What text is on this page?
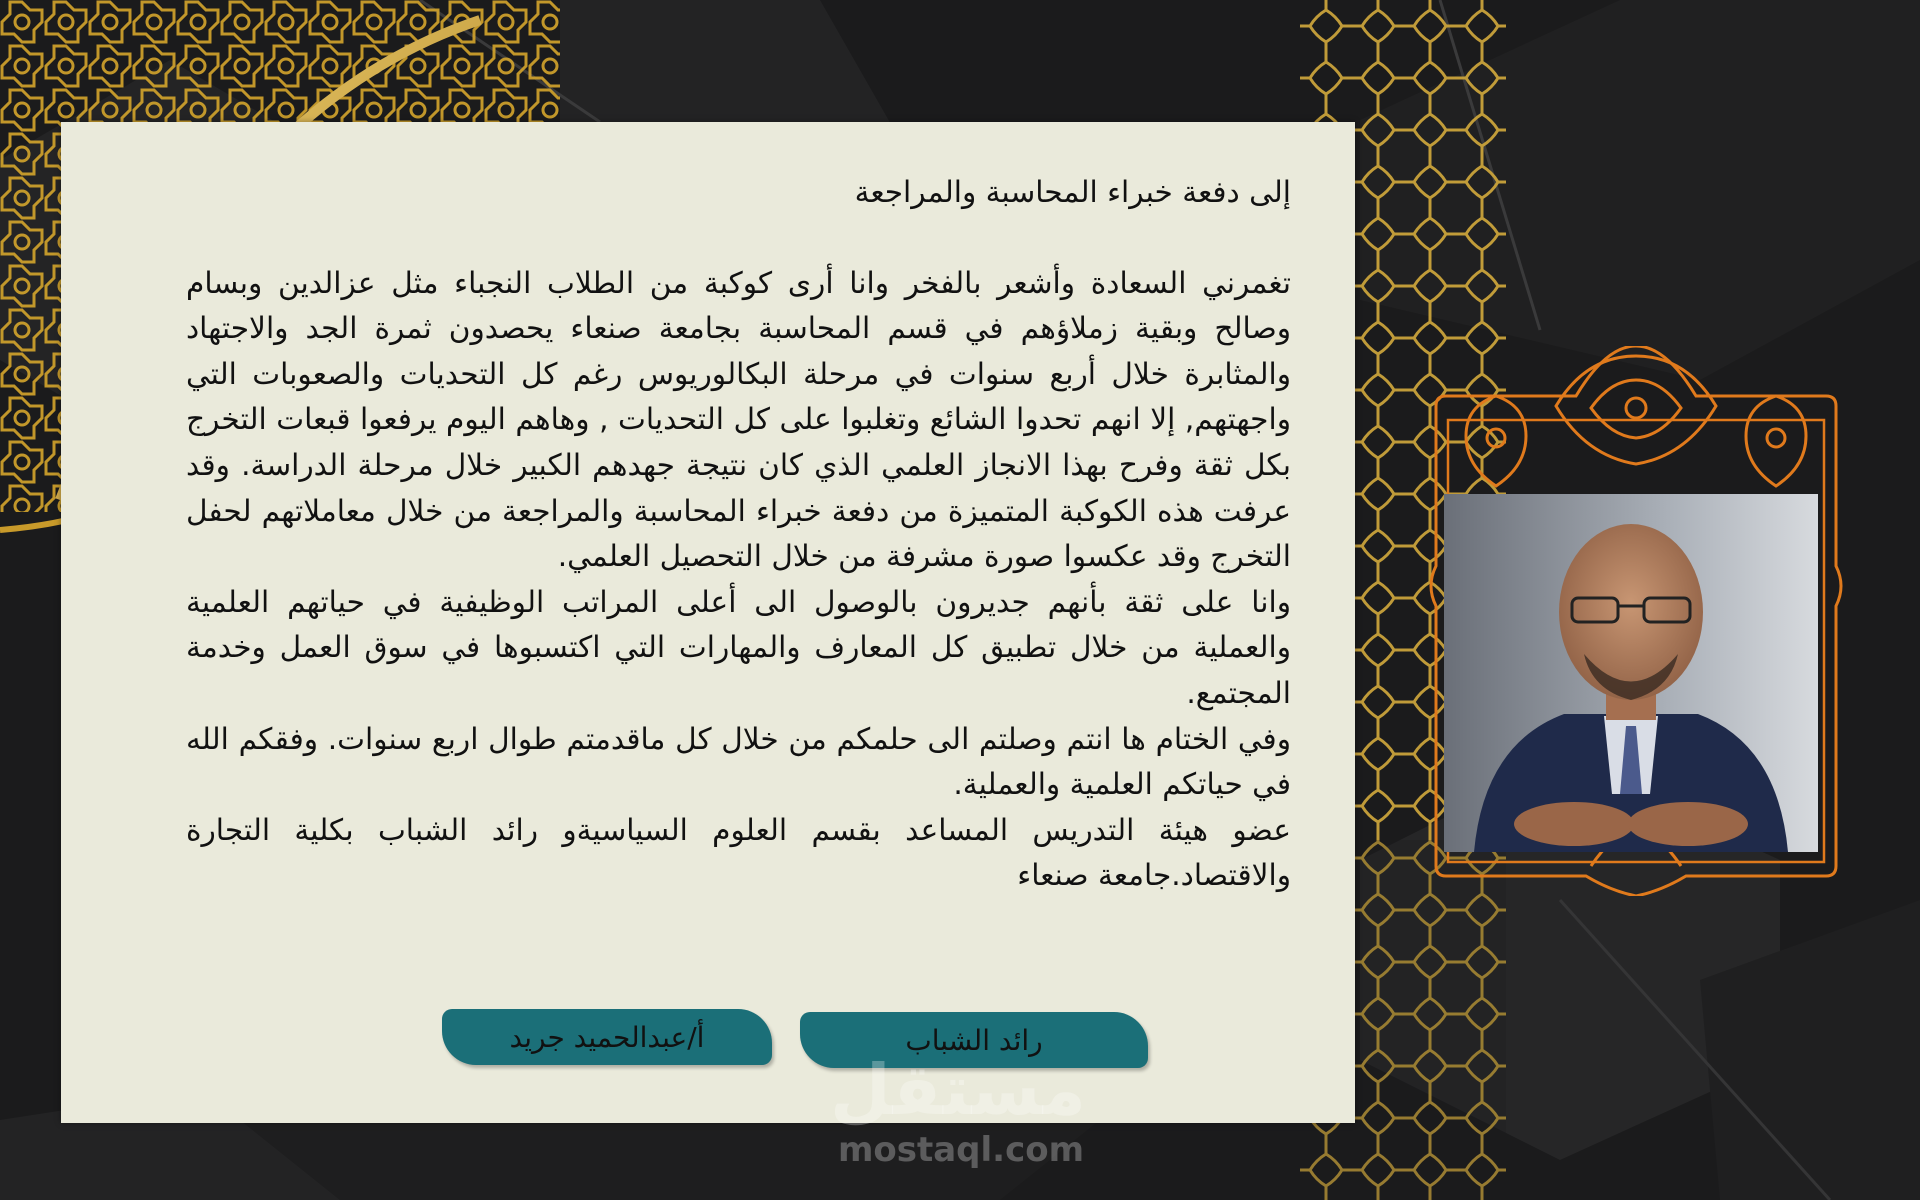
إلى دفعة خبراء المحاسبة والمراجعة

تغمرني السعادة وأشعر بالفخر وانا أرى كوكبة من الطلاب النجباء مثل عزالدين وبسام وصالح وبقية زملاؤهم في قسم المحاسبة بجامعة صنعاء يحصدون ثمرة الجد والاجتهاد والمثابرة خلال أربع سنوات في مرحلة البكالوريوس رغم كل التحديات والصعوبات التي واجهتهم, إلا انهم تحدوا الشائع وتغلبوا على كل التحديات , وهاهم اليوم يرفعوا قبعات التخرج بكل ثقة وفرح بهذا الانجاز العلمي الذي كان نتيجة جهدهم الكبير خلال مرحلة الدراسة. وقد عرفت هذه الكوكبة المتميزة من دفعة خبراء المحاسبة والمراجعة من خلال معاملاتهم لحفل التخرج وقد عكسوا صورة مشرفة من خلال التحصيل العلمي.

وانا على ثقة بأنهم جديرون بالوصول الى أعلى المراتب الوظيفية في حياتهم العلمية والعملية من خلال تطبيق كل المعارف والمهارات التي اكتسبوها في سوق العمل وخدمة المجتمع.

وفي الختام ها انتم وصلتم الى حلمكم من خلال كل ماقدمتم طوال اربع سنوات. وفقكم الله في حياتكم العلمية والعملية.

عضو هيئة التدريس المساعد بقسم العلوم السياسيةو رائد الشباب بكلية التجارة والاقتصاد.جامعة صنعاء

أ/عبدالحميد جريد	رائد الشباب
مستقل
mostaql.com
